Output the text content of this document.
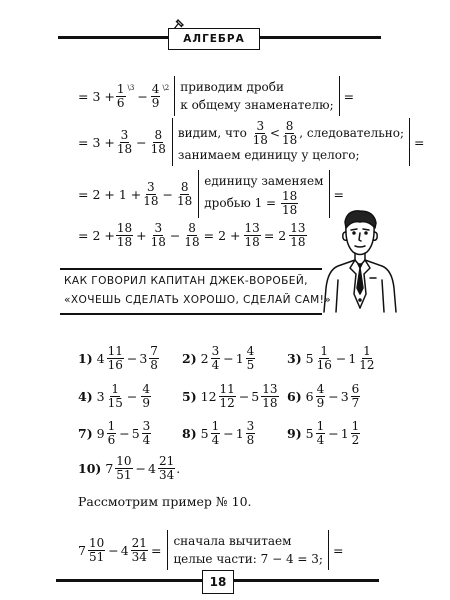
АЛГЕБРА
= $3 + \frac{1}{6}$ \3
− $\frac{4}{9}$ \2 приводим дроби
к общему знаменателю;
=
= $3 + \frac{3}{18} - \frac{8}{18}$ видим, что
$\frac{3}{18} < \frac{8}{18}$ , следовательно;
занимаем единицу у целого;
=
= $2 + 1 + \frac{3}{18} - \frac{8}{18}$ единицу заменяем
дробью 1 =
$\frac{18}{18}$	=
= $2 + \frac{18}{18} + \frac{3}{18} - \frac{8}{18} = 2 + \frac{13}{18} = 2 \frac{13}{18}$
КАК ГОВОРИЛ КАПИТАН ДЖЕК-ВОРОБЕЙ,
«ХОЧЕШЬ СДЕЛАТЬ ХОРОШО, СДЕЛАЙ САМ!»
1) $4 \frac{11}{16} - 3 \frac{7}{8} 2$) $2 \frac{3}{4} - 1 \frac{4}{5}$	3) $5 \frac{1}{16} - 1 \frac{1}{12}$
4) $3 \frac{1}{15} - \frac{4}{9} 5$) $12 \frac{11}{12} - 5 \frac{13}{18} 6$) $6 \frac{4}{9} - 3 \frac{6}{7}$
7) $9 \frac{1}{6} - 5 \frac{3}{4} 8$) $5 \frac{1}{4} - 1 \frac{3}{8}$	9) $5 \frac{1}{4} - 1 \frac{1}{2}$
10) $7 \frac{10}{51} - 4 \frac{21}{34}$ .
Рассмотрим пример № 10.
$7 \frac{10}{51} - 4 \frac{21}{34}$ =
сначала вычитаем
целые части: 7 − 4 = 3;
=
18
